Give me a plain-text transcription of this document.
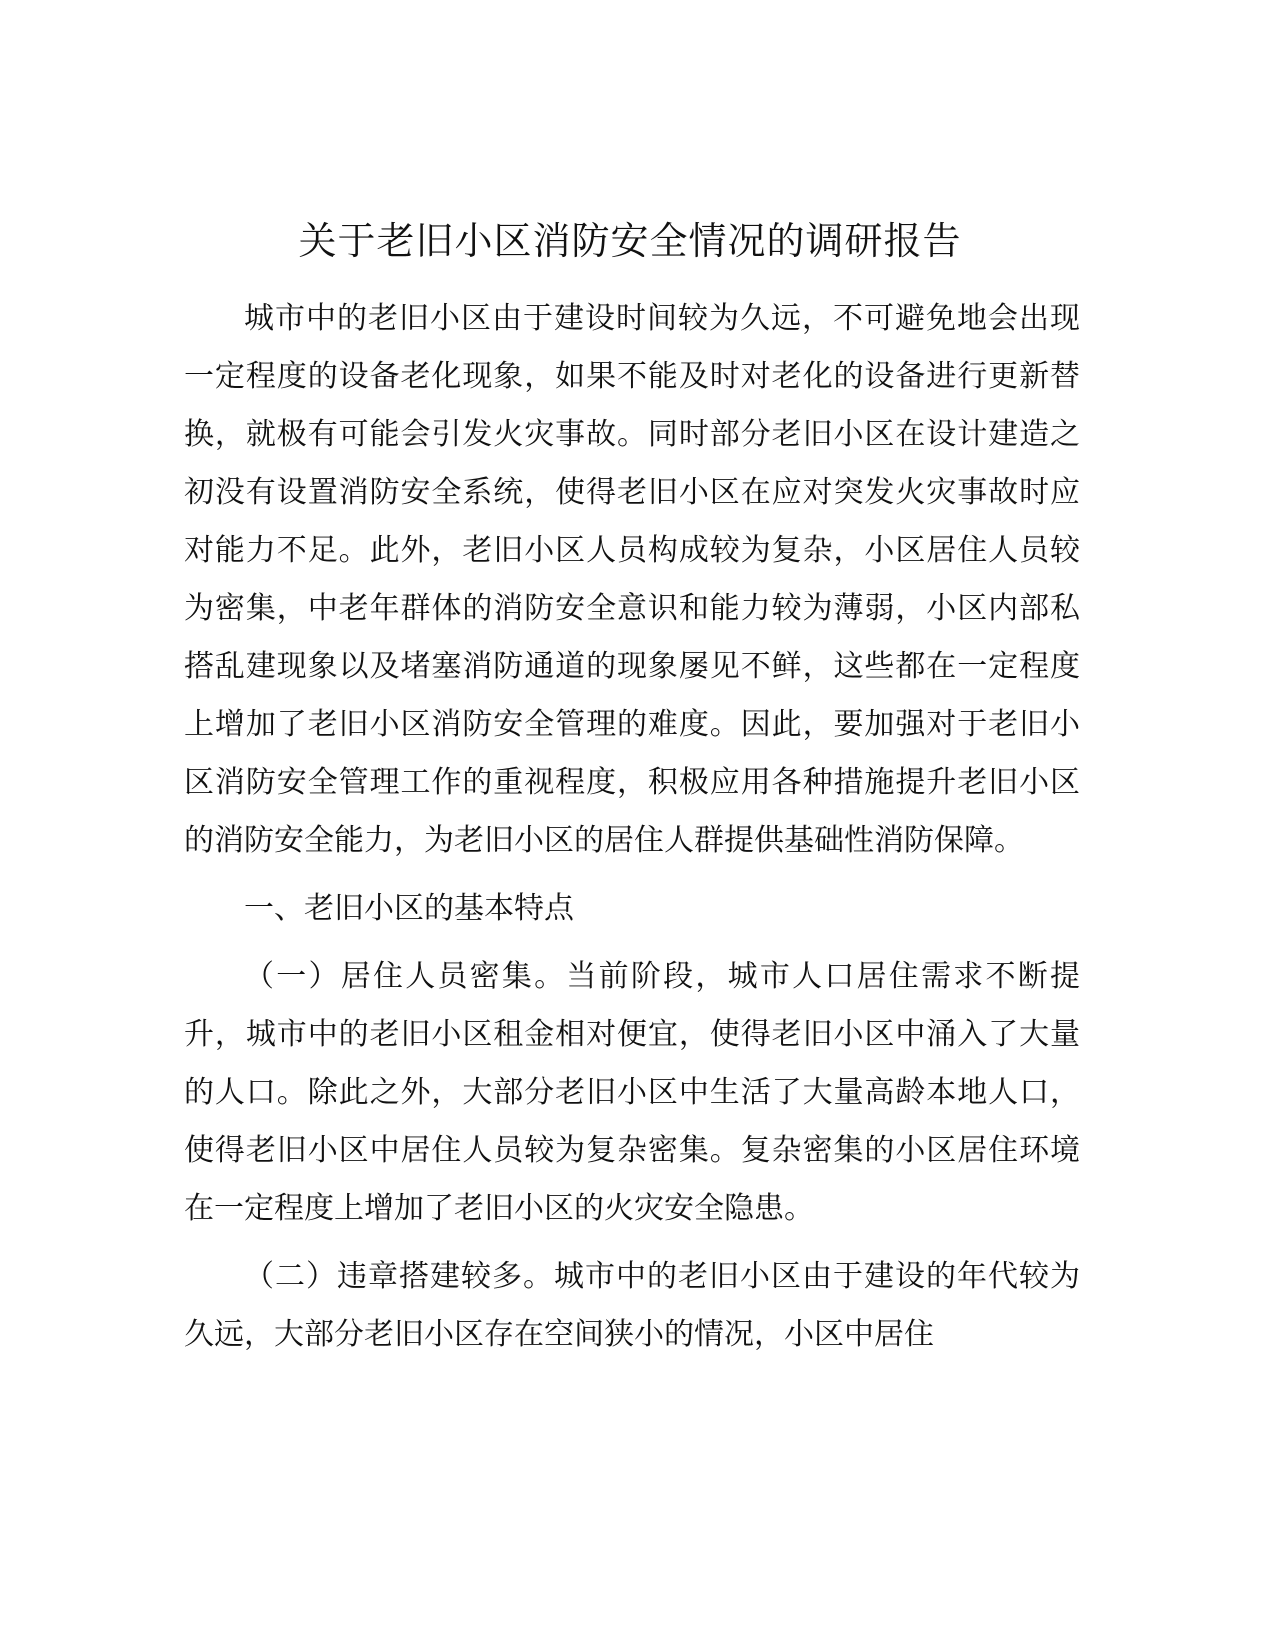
关于老旧小区消防安全情况的调研报告

城市中的老旧小区由于建设时间较为久远，不可避免地会出现一定程度的设备老化现象，如果不能及时对老化的设备进行更新替换，就极有可能会引发火灾事故。同时部分老旧小区在设计建造之初没有设置消防安全系统，使得老旧小区在应对突发火灾事故时应对能力不足。此外，老旧小区人员构成较为复杂，小区居住人员较为密集，中老年群体的消防安全意识和能力较为薄弱，小区内部私搭乱建现象以及堵塞消防通道的现象屡见不鲜，这些都在一定程度上增加了老旧小区消防安全管理的难度。因此，要加强对于老旧小区消防安全管理工作的重视程度，积极应用各种措施提升老旧小区的消防安全能力，为老旧小区的居住人群提供基础性消防保障。

一、老旧小区的基本特点

（一）居住人员密集。当前阶段，城市人口居住需求不断提升，城市中的老旧小区租金相对便宜，使得老旧小区中涌入了大量的人口。除此之外，大部分老旧小区中生活了大量高龄本地人口，使得老旧小区中居住人员较为复杂密集。复杂密集的小区居住环境在一定程度上增加了老旧小区的火灾安全隐患。

（二）违章搭建较多。城市中的老旧小区由于建设的年代较为久远，大部分老旧小区存在空间狭小的情况，小区中居住
